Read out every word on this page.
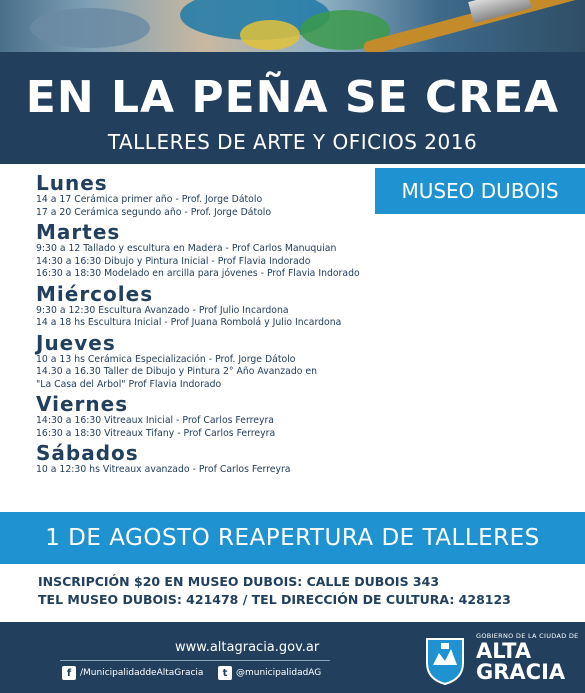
EN LA PEÑA SE CREA
TALLERES DE ARTE Y OFICIOS 2016
MUSEO DUBOIS
Lunes
14 a 17 Cerámica primer año - Prof. Jorge Dátolo
17 a 20 Cerámica segundo año - Prof. Jorge Dátolo
Martes
9:30 a 12 Tallado y escultura en Madera - Prof Carlos Manuquian
14:30 a 16:30 Dibujo y Pintura Inicial - Prof Flavia Indorado
16:30 a 18:30 Modelado en arcilla para jóvenes - Prof Flavia Indorado
Miércoles
9:30 a 12:30 Escultura Avanzado - Prof Julio Incardona
14 a 18 hs Escultura Inicial - Prof Juana Rombolá y Julio Incardona
Jueves
10 a 13 hs Cerámica Especialización - Prof. Jorge Dátolo
14.30 a 16.30 Taller de Dibujo y Pintura 2° Año Avanzado en
"La Casa del Arbol" Prof Flavia Indorado
Viernes
14:30 a 16:30 Vitreaux Inicial - Prof Carlos Ferreyra
16:30 a 18:30 Vitreaux Tifany - Prof Carlos Ferreyra
Sábados
10 a 12:30 hs Vitreaux avanzado - Prof Carlos Ferreyra
1 DE AGOSTO REAPERTURA DE TALLERES
INSCRIPCIÓN $20 EN MUSEO DUBOIS: CALLE DUBOIS 343
TEL MUSEO DUBOIS: 421478 / TEL DIRECCIÓN DE CULTURA: 428123
www.altagracia.gov.ar
f /MunicipalidaddeAltaGracia	t @municipalidadAG
GOBIERNO DE LA CIUDAD DE
ALTA
GRACIA
